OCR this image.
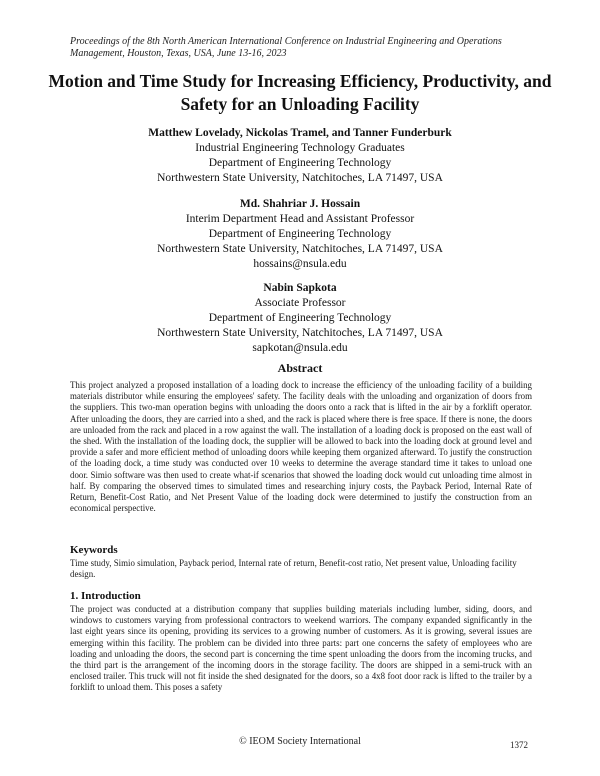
Proceedings of the 8th North American International Conference on Industrial Engineering and Operations Management, Houston, Texas, USA, June 13-16, 2023
Motion and Time Study for Increasing Efficiency, Productivity, and Safety for an Unloading Facility
Matthew Lovelady, Nickolas Tramel, and Tanner Funderburk
Industrial Engineering Technology Graduates
Department of Engineering Technology
Northwestern State University, Natchitoches, LA 71497, USA
Md. Shahriar J. Hossain
Interim Department Head and Assistant Professor
Department of Engineering Technology
Northwestern State University, Natchitoches, LA 71497, USA
hossains@nsula.edu
Nabin Sapkota
Associate Professor
Department of Engineering Technology
Northwestern State University, Natchitoches, LA 71497, USA
sapkotan@nsula.edu
Abstract
This project analyzed a proposed installation of a loading dock to increase the efficiency of the unloading facility of a building materials distributor while ensuring the employees' safety. The facility deals with the unloading and organization of doors from the suppliers. This two-man operation begins with unloading the doors onto a rack that is lifted in the air by a forklift operator. After unloading the doors, they are carried into a shed, and the rack is placed where there is free space. If there is none, the doors are unloaded from the rack and placed in a row against the wall. The installation of a loading dock is proposed on the east wall of the shed. With the installation of the loading dock, the supplier will be allowed to back into the loading dock at ground level and provide a safer and more efficient method of unloading doors while keeping them organized afterward. To justify the construction of the loading dock, a time study was conducted over 10 weeks to determine the average standard time it takes to unload one door. Simio software was then used to create what-if scenarios that showed the loading dock would cut unloading time almost in half. By comparing the observed times to simulated times and researching injury costs, the Payback Period, Internal Rate of Return, Benefit-Cost Ratio, and Net Present Value of the loading dock were determined to justify the construction from an economical perspective.
Keywords
Time study, Simio simulation, Payback period, Internal rate of return, Benefit-cost ratio, Net present value, Unloading facility design.
1. Introduction
The project was conducted at a distribution company that supplies building materials including lumber, siding, doors, and windows to customers varying from professional contractors to weekend warriors. The company expanded significantly in the last eight years since its opening, providing its services to a growing number of customers. As it is growing, several issues are emerging within this facility. The problem can be divided into three parts: part one concerns the safety of employees who are loading and unloading the doors, the second part is concerning the time spent unloading the doors from the incoming trucks, and the third part is the arrangement of the incoming doors in the storage facility. The doors are shipped in a semi-truck with an enclosed trailer. This truck will not fit inside the shed designated for the doors, so a 4x8 foot door rack is lifted to the trailer by a forklift to unload them. This poses a safety
© IEOM Society International	1372
